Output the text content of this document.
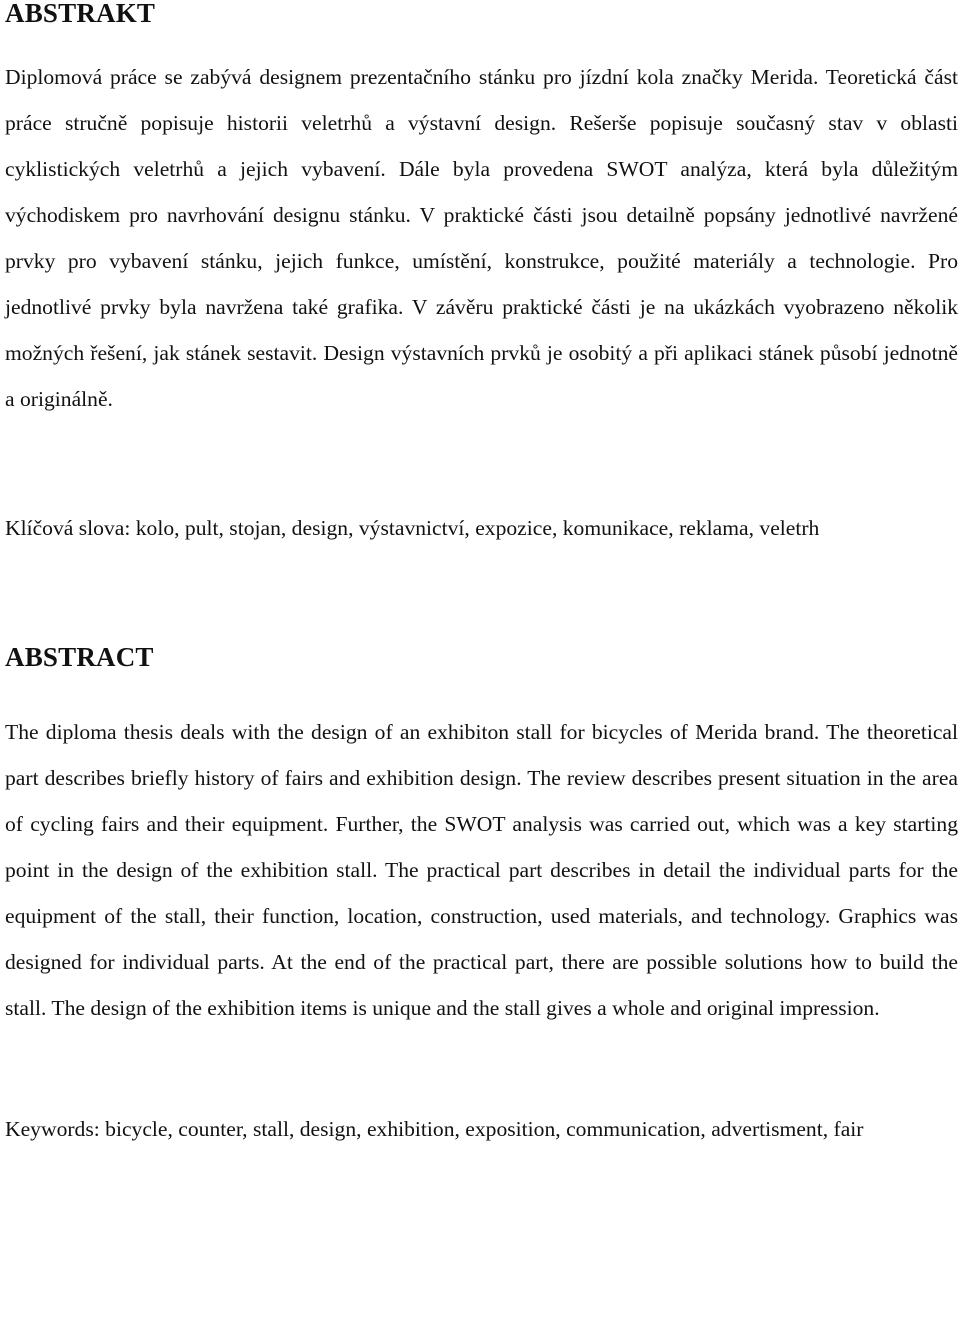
ABSTRAKT

Diplomová práce se zabývá designem prezentačního stánku pro jízdní kola značky Merida. Teoretická část práce stručně popisuje historii veletrhů a výstavní design. Rešerše popisuje současný stav v oblasti cyklistických veletrhů a jejich vybavení. Dále byla provedena SWOT analýza, která byla důležitým východiskem pro navrhování designu stánku. V praktické části jsou detailně popsány jednotlivé navržené prvky pro vybavení stánku, jejich funkce, umístění, konstrukce, použité materiály a technologie. Pro jednotlivé prvky byla navržena také grafika. V závěru praktické části je na ukázkách vyobrazeno několik možných řešení, jak stánek sestavit. Design výstavních prvků je osobitý a při aplikaci stánek působí jednotně a originálně.

Klíčová slova: kolo, pult, stojan, design, výstavnictví, expozice, komunikace, reklama, veletrh

ABSTRACT

The diploma thesis deals with the design of an exhibiton stall for bicycles of Merida brand. The theoretical part describes briefly history of fairs and exhibition design. The review describes present situation in the area of cycling fairs and their equipment. Further, the SWOT analysis was carried out, which was a key starting point in the design of the exhibition stall. The practical part describes in detail the individual parts for the equipment of the stall, their function, location, construction, used materials, and technology. Graphics was designed for individual parts. At the end of the practical part, there are possible solutions how to build the stall. The design of the exhibition items is unique and the stall gives a whole and original impression.

Keywords: bicycle, counter, stall, design, exhibition, exposition, communication, advertisment, fair
